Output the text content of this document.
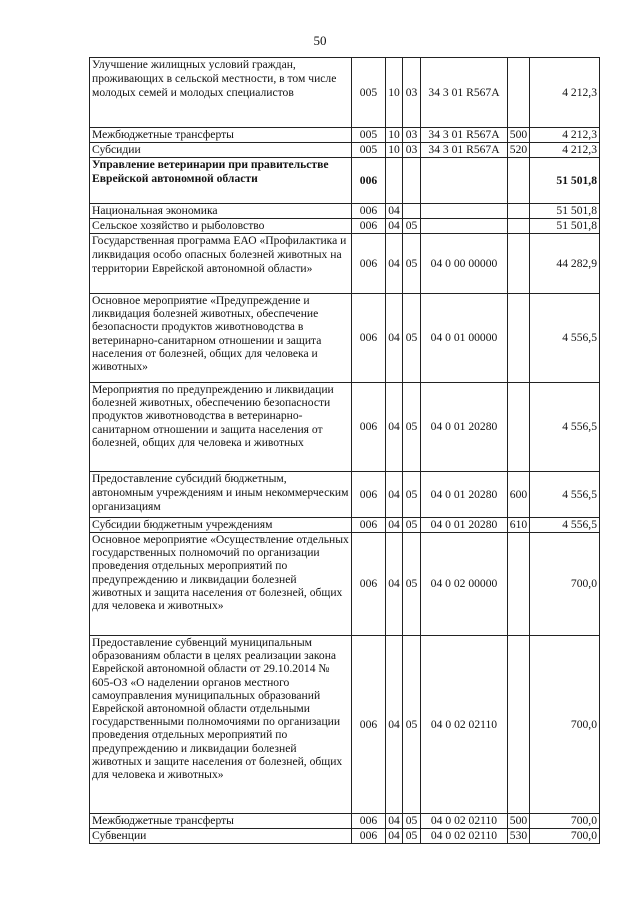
50
Улучшение жилищных условий граждан, проживающих в сельской местности, в том числе молодых семей и молодых специалистов	005	10	03	34 3 01 R567A		4 212,3
Межбюджетные трансферты	005	10	03	34 3 01 R567A	500	4 212,3
Субсидии	005	10	03	34 3 01 R567A	520	4 212,3
Управление ветеринарии при правительстве Еврейской автономной области	006					51 501,8
Национальная экономика	006	04				51 501,8
Сельское хозяйство и рыболовство	006	04	05			51 501,8
Государственная программа ЕАО «Профилактика и ликвидация особо опасных болезней животных на территории Еврейской автономной области»	006	04	05	04 0 00 00000		44 282,9
Основное мероприятие «Предупреждение и ликвидация болезней животных, обеспечение безопасности продуктов животноводства в ветеринарно-санитарном отношении и защита населения от болезней, общих для человека и животных»	006	04	05	04 0 01 00000		4 556,5
Мероприятия по предупреждению и ликвидации болезней животных, обеспечению безопасности продуктов животноводства в ветеринарно-санитарном отношении и защита населения от болезней, общих для человека и животных	006	04	05	04 0 01 20280		4 556,5
Предоставление субсидий бюджетным, автономным учреждениям и иным некоммерческим организациям	006	04	05	04 0 01 20280	600	4 556,5
Субсидии бюджетным учреждениям	006	04	05	04 0 01 20280	610	4 556,5
Основное мероприятие «Осуществление отдельных государственных полномочий по организации проведения отдельных мероприятий по предупреждению и ликвидации болезней животных и защита населения от болезней, общих для человека и животных»	006	04	05	04 0 02 00000		700,0
Предоставление субвенций муниципальным образованиям области в целях реализации закона Еврейской автономной области от 29.10.2014 № 605-ОЗ «О наделении органов местного самоуправления муниципальных образований Еврейской автономной области отдельными государственными полномочиями по организации проведения отдельных мероприятий по предупреждению и ликвидации болезней животных и защите населения от болезней, общих для человека и животных»	006	04	05	04 0 02 02110		700,0
Межбюджетные трансферты	006	04	05	04 0 02 02110	500	700,0
Субвенции	006	04	05	04 0 02 02110	530	700,0
